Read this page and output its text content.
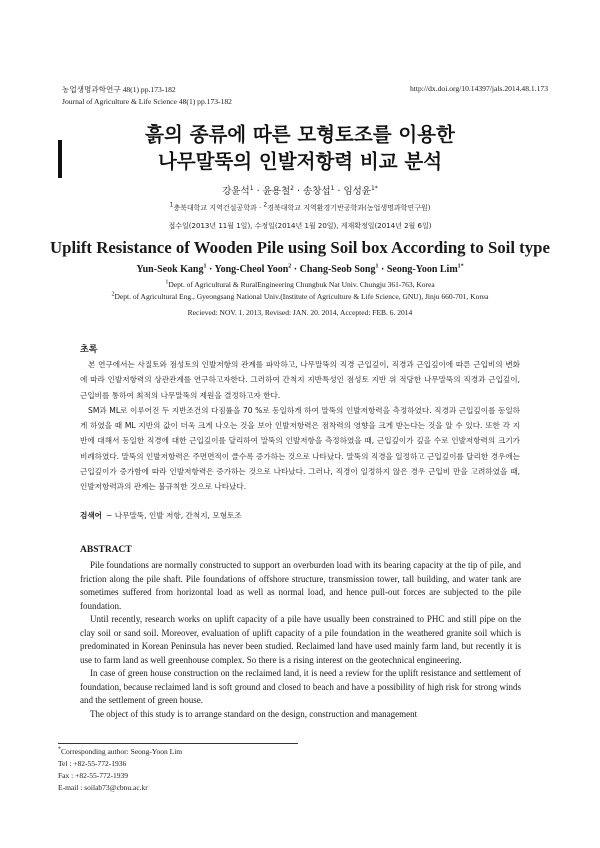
농업생명과학연구 48(1) pp.173-182	http://dx.doi.org/10.14397/jals.2014.48.1.173
Journal of Agriculture & Life Science 48(1) pp.173-182
흙의 종류에 따른 모형토조를 이용한
나무말뚝의 인발저항력 비교 분석
강윤석$^1$ · 윤용철$^2$ · 송창섭$^1$ · 임성윤$^{1*}$
$^1$충북대학교 지역건설공학과 · $^2$경북대학교 지역환경기반공학과(농업생명과학연구원)
접수일(2013년 11월 1일), 수정일(2014년 1월 20일), 게재확정일(2014년 2월 6일)
Uplift Resistance of Wooden Pile using Soil box According to Soil type
Yun-Seok Kang$^1$ · Yong-Cheol Yoon$^2$ · Chang-Seob Song$^1$ · Seong-Yoon Lim$^{1*}$
$^1$Dept. of Agricultural & RuralEngineering Chungbuk Nat Univ. Chungju 361-763, Korea
$^2$Dept. of Agricultural Eng., Gyeongsang National Univ.(Institute of Agriculture & Life Science, GNU), Jinju 660-701, Korea
Recieved: NOV. 1. 2013, Revised: JAN. 20. 2014, Accepted: FEB. 6. 2014
초록

본 연구에서는 사질토와 점성토의 인발저항의 관계를 파악하고, 나무말뚝의 직경 근입깊이, 직경과 근입깊이에 따른 근입비의 변화에 따라 인발저항력의 상관관계를 연구하고자한다. 그러하여 간척지 지반특성인 점성토 지반 위 적당한 나무말뚝의 직경과 근입깊이, 근입비를 통하여 최적의 나무말뚝의 제원을 결정하고자 한다.

SM과 ML로 이루어진 두 지반조건의 다짐률을 70 %로 동일하게 하여 말뚝의 인발저항력을 측정하였다. 직경과 근입깊이를 동일하게 하였을 때 ML 지반의 값이 더욱 크게 나오는 것을 보아 인발저항력은 점착력의 영향을 크게 받는다는 것을 알 수 있다. 또한 각 지반에 대해서 동일한 직경에 대한 근입깊이를 달리하여 말뚝의 인발저항을 측정하였을 때, 근입깊이가 깊을 수로 인발저항력의 크기가 비례하였다. 말뚝의 인발저항력은 주면면적이 클수록 증가하는 것으로 나타났다. 말뚝의 직경을 일정하고 근입깊이를 달리한 경우에는 근입깊이가 증가함에 따라 인발저항력은 증가하는 것으로 나타났다. 그러나, 직경이 일정하지 않은 경우 근입비 만을 고려하였을 때, 인발저항력과의 관계는 불규칙한 것으로 나타났다.

검색어 − 나무말뚝, 인발 저항, 간척지, 모형토조
ABSTRACT

Pile foundations are normally constructed to support an overburden load with its bearing capacity at the tip of pile, and friction along the pile shaft. Pile foundations of offshore structure, transmission tower, tall building, and water tank are sometimes suffered from horizontal load as well as normal load, and hence pull-out forces are subjected to the pile foundation.

Until recently, research works on uplift capacity of a pile have usually been constrained to PHC and still pipe on the clay soil or sand soil. Moreover, evaluation of uplift capacity of a pile foundation in the weathered granite soil which is predominated in Korean Peninsula has never been studied. Reclaimed land have used mainly farm land, but recently it is use to farm land as well greenhouse complex. So there is a rising interest on the geotechnical engineering.

In case of green house construction on the reclaimed land, it is need a review for the uplift resistance and settlement of foundation, because reclaimed land is soft ground and closed to beach and have a possibility of high risk for strong winds and the settlement of green house.

The object of this study is to arrange standard on the design, construction and management

*Corresponding author: Seong-Yoon Lim
Tel : +82-55-772-1936
Fax : +82-55-772-1939
E-mail : soilab73@cbnu.ac.kr
